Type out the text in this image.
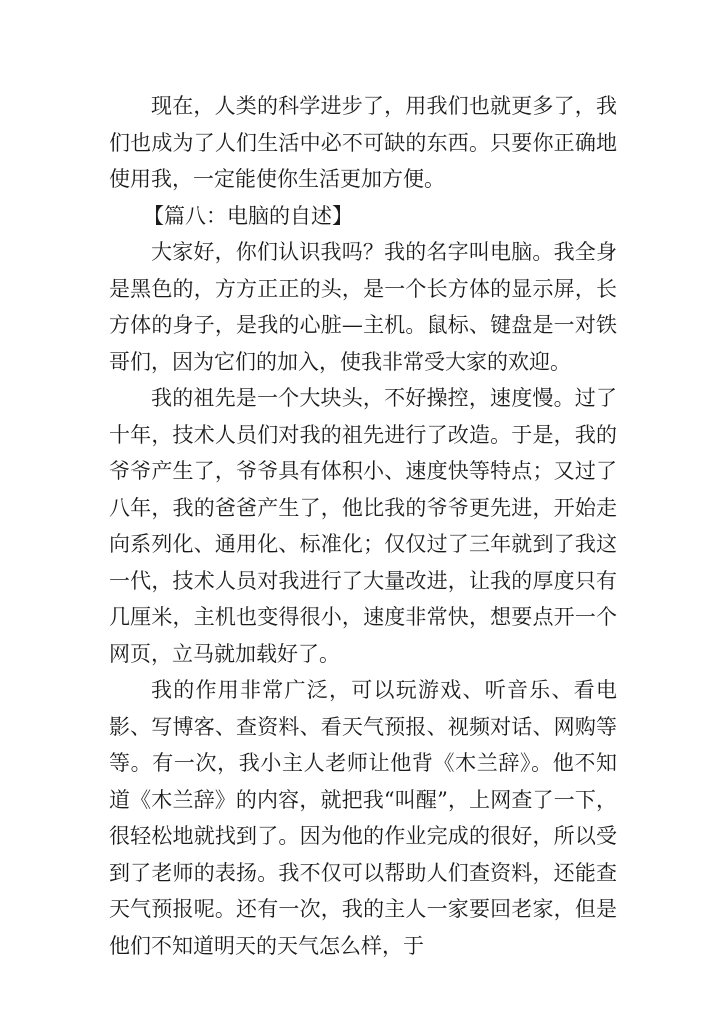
现在，人类的科学进步了，用我们也就更多了，我们也成为了人们生活中必不可缺的东西。只要你正确地使用我，一定能使你生活更加方便。

【篇八：电脑的自述】

大家好，你们认识我吗？我的名字叫电脑。我全身是黑色的，方方正正的头，是一个长方体的显示屏，长方体的身子，是我的心脏—主机。鼠标、键盘是一对铁哥们，因为它们的加入，使我非常受大家的欢迎。

我的祖先是一个大块头，不好操控，速度慢。过了十年，技术人员们对我的祖先进行了改造。于是，我的爷爷产生了，爷爷具有体积小、速度快等特点；又过了八年，我的爸爸产生了，他比我的爷爷更先进，开始走向系列化、通用化、标准化；仅仅过了三年就到了我这一代，技术人员对我进行了大量改进，让我的厚度只有几厘米，主机也变得很小，速度非常快，想要点开一个网页，立马就加载好了。

我的作用非常广泛，可以玩游戏、听音乐、看电影、写博客、查资料、看天气预报、视频对话、网购等等。有一次，我小主人老师让他背《木兰辞》。他不知道《木兰辞》的内容，就把我“叫醒”，上网查了一下，很轻松地就找到了。因为他的作业完成的很好，所以受到了老师的表扬。我不仅可以帮助人们查资料，还能查天气预报呢。还有一次，我的主人一家要回老家，但是他们不知道明天的天气怎么样，于
